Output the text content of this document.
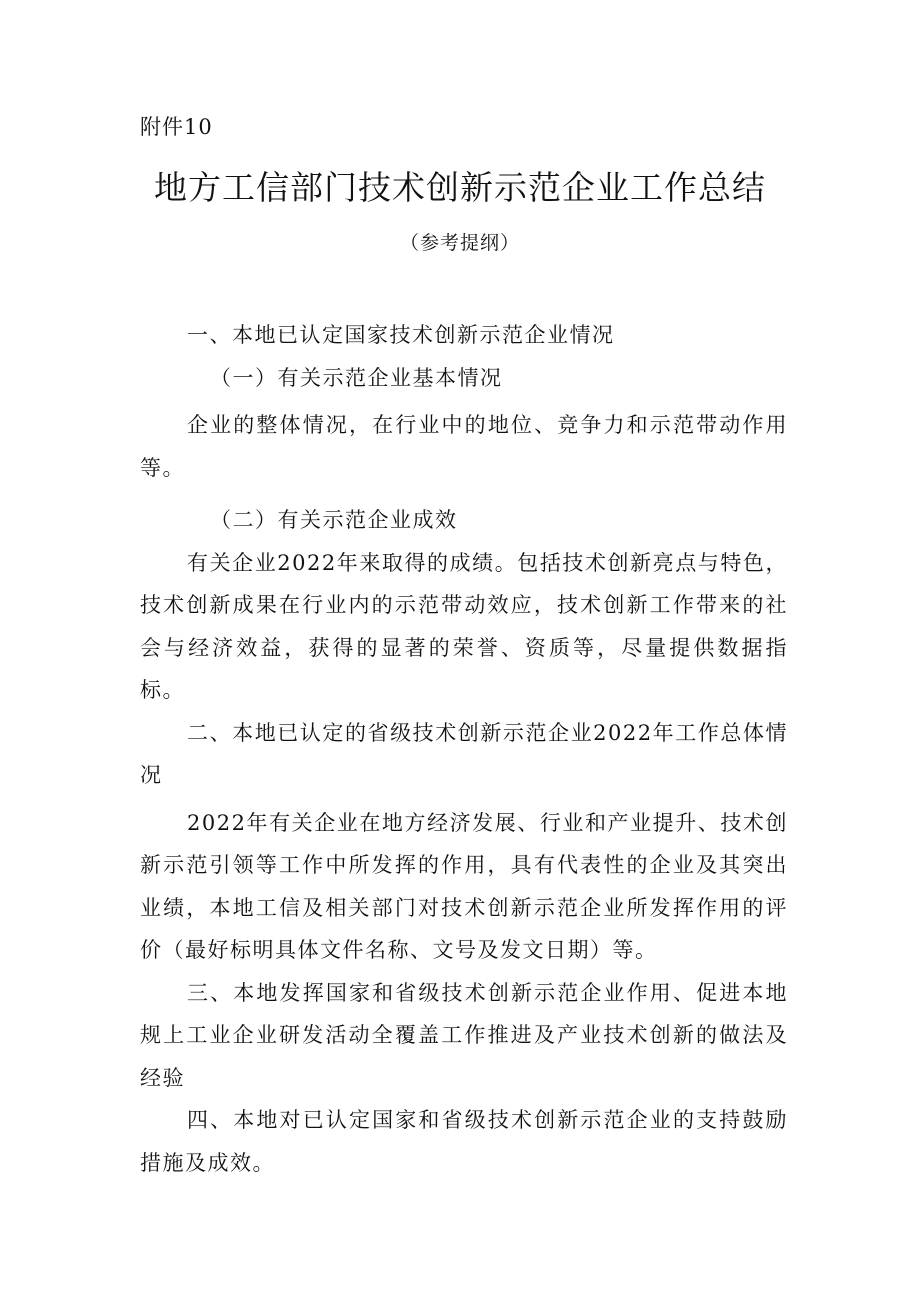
附件10
地方工信部门技术创新示范企业工作总结
（参考提纲）

一、本地已认定国家技术创新示范企业情况

（一）有关示范企业基本情况

企业的整体情况，在行业中的地位、竞争力和示范带动作用等。

（二）有关示范企业成效

有关企业2022年来取得的成绩。包括技术创新亮点与特色，技术创新成果在行业内的示范带动效应，技术创新工作带来的社会与经济效益，获得的显著的荣誉、资质等，尽量提供数据指标。

二、本地已认定的省级技术创新示范企业2022年工作总体情况

2022年有关企业在地方经济发展、行业和产业提升、技术创新示范引领等工作中所发挥的作用，具有代表性的企业及其突出业绩，本地工信及相关部门对技术创新示范企业所发挥作用的评价（最好标明具体文件名称、文号及发文日期）等。

三、本地发挥国家和省级技术创新示范企业作用、促进本地规上工业企业研发活动全覆盖工作推进及产业技术创新的做法及经验

四、本地对已认定国家和省级技术创新示范企业的支持鼓励措施及成效。
